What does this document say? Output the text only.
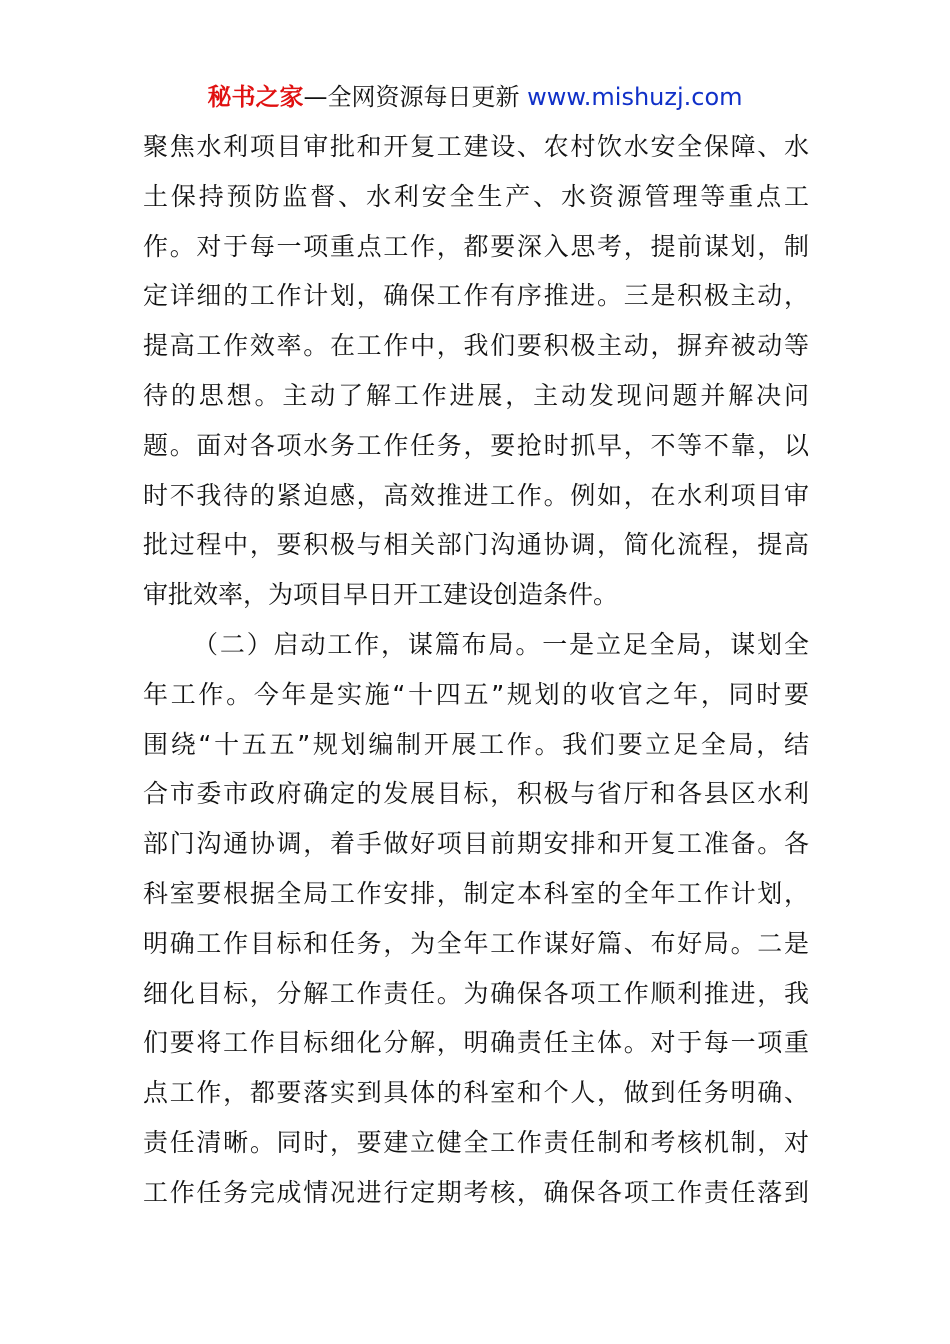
秘书之家—全网资源每日更新 www.mishuzj.com
聚焦水利项目审批和开复工建设、农村饮水安全保障、水
土保持预防监督、水利安全生产、水资源管理等重点工
作。对于每一项重点工作，都要深入思考，提前谋划，制
定详细的工作计划，确保工作有序推进。三是积极主动，
提高工作效率。在工作中，我们要积极主动，摒弃被动等
待的思想。主动了解工作进展，主动发现问题并解决问
题。面对各项水务工作任务，要抢时抓早，不等不靠，以
时不我待的紧迫感，高效推进工作。例如，在水利项目审
批过程中，要积极与相关部门沟通协调，简化流程，提高
审批效率，为项目早日开工建设创造条件。
（二）启动工作，谋篇布局。一是立足全局，谋划全
年工作。今年是实施“十四五”规划的收官之年，同时要
围绕“十五五”规划编制开展工作。我们要立足全局，结
合市委市政府确定的发展目标，积极与省厅和各县区水利
部门沟通协调，着手做好项目前期安排和开复工准备。各
科室要根据全局工作安排，制定本科室的全年工作计划，
明确工作目标和任务，为全年工作谋好篇、布好局。二是
细化目标，分解工作责任。为确保各项工作顺利推进，我
们要将工作目标细化分解，明确责任主体。对于每一项重
点工作，都要落实到具体的科室和个人，做到任务明确、
责任清晰。同时，要建立健全工作责任制和考核机制，对
工作任务完成情况进行定期考核，确保各项工作责任落到
